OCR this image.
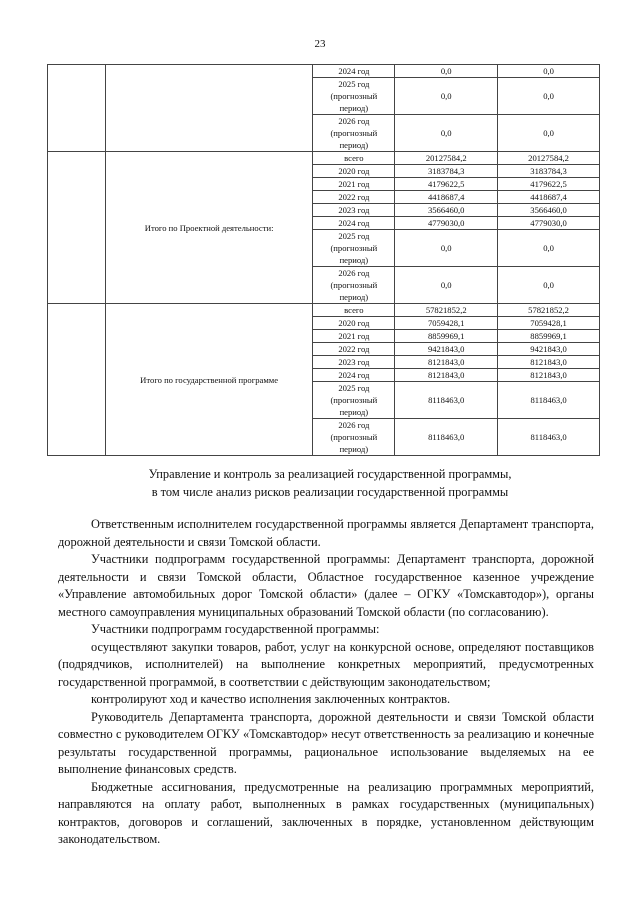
23
		2024 год	0,0	0,0
		2025 год (прогнозный период)	0,0	0,0
		2026 год (прогнозный период)	0,0	0,0
	Итого по Проектной деятельности:	всего	20127584,2	20127584,2
		2020 год	3183784,3	3183784,3
		2021 год	4179622,5	4179622,5
		2022 год	4418687,4	4418687,4
		2023 год	3566460,0	3566460,0
		2024 год	4779030,0	4779030,0
		2025 год (прогнозный период)	0,0	0,0
		2026 год (прогнозный период)	0,0	0,0
	Итого по государственной программе	всего	57821852,2	57821852,2
		2020 год	7059428,1	7059428,1
		2021 год	8859969,1	8859969,1
		2022 год	9421843,0	9421843,0
		2023 год	8121843,0	8121843,0
		2024 год	8121843,0	8121843,0
		2025 год (прогнозный период)	8118463,0	8118463,0
		2026 год (прогнозный период)	8118463,0	8118463,0
Управление и контроль за реализацией государственной программы,
в том числе анализ рисков реализации государственной программы

Ответственным исполнителем государственной программы является Департамент транспорта, дорожной деятельности и связи Томской области.

Участники подпрограмм государственной программы: Департамент транспорта, дорожной деятельности и связи Томской области, Областное государственное казенное учреждение «Управление автомобильных дорог Томской области» (далее – ОГКУ «Томскавтодор»), органы местного самоуправления муниципальных образований Томской области (по согласованию).

Участники подпрограмм государственной программы:

осуществляют закупки товаров, работ, услуг на конкурсной основе, определяют поставщиков (подрядчиков, исполнителей) на выполнение конкретных мероприятий, предусмотренных государственной программой, в соответствии с действующим законодательством;

контролируют ход и качество исполнения заключенных контрактов.

Руководитель Департамента транспорта, дорожной деятельности и связи Томской области совместно с руководителем ОГКУ «Томскавтодор» несут ответственность за реализацию и конечные результаты государственной программы, рациональное использование выделяемых на ее выполнение финансовых средств.

Бюджетные ассигнования, предусмотренные на реализацию программных мероприятий, направляются на оплату работ, выполненных в рамках государственных (муниципальных) контрактов, договоров и соглашений, заключенных в порядке, установленном действующим законодательством.
